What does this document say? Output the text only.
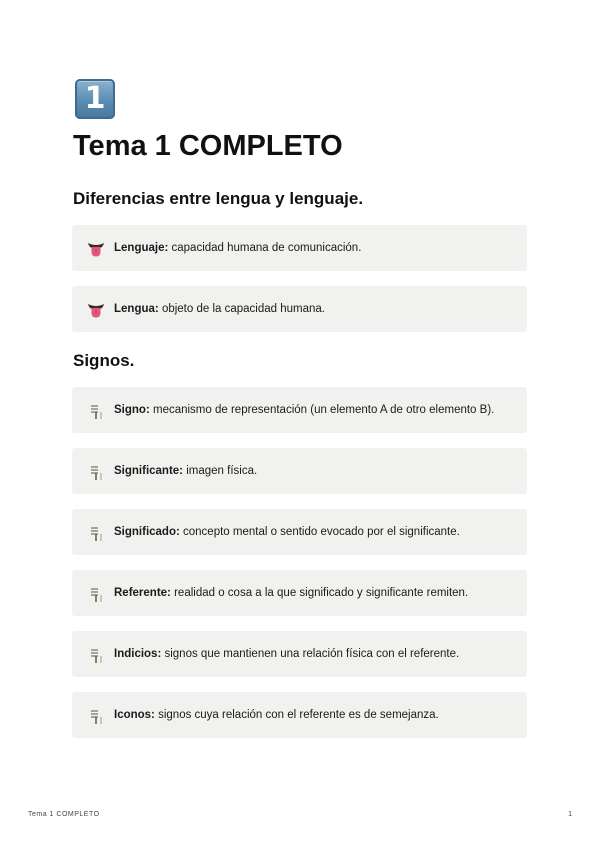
1
Tema 1 COMPLETO
Diferencias entre lengua y lenguaje.
Lenguaje: capacidad humana de comunicación.
Lengua: objeto de la capacidad humana.
Signos.
Signo: mecanismo de representación (un elemento A de otro elemento B).
Significante: imagen física.
Significado: concepto mental o sentido evocado por el significante.
Referente: realidad o cosa a la que significado y significante remiten.
Indicios: signos que mantienen una relación física con el referente.
Iconos: signos cuya relación con el referente es de semejanza.
Tema 1 COMPLETO	1
